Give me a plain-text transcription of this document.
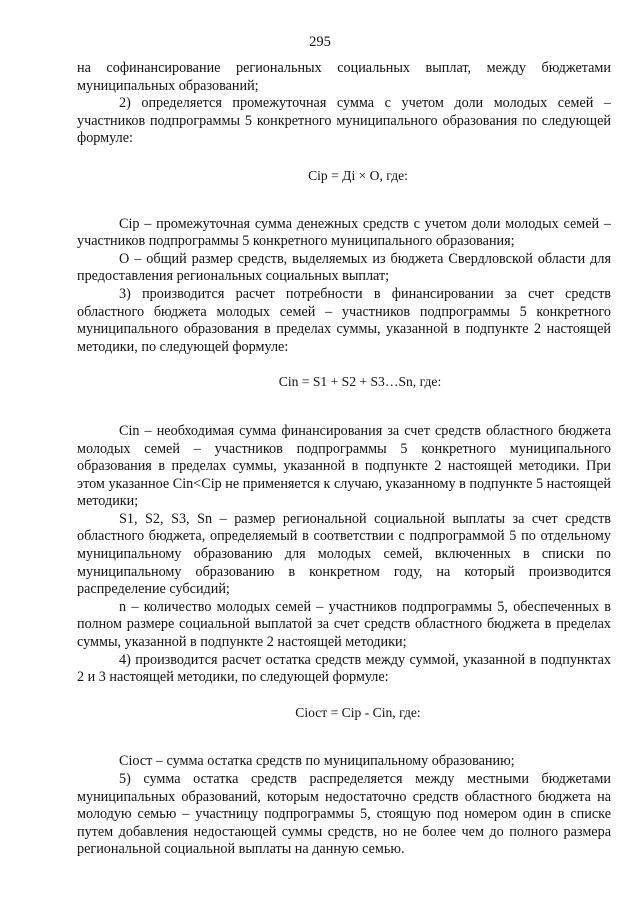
295

на софинансирование региональных социальных выплат, между бюджетами муниципальных образований;

2) определяется промежуточная сумма с учетом доли молодых семей – участников подпрограммы 5 конкретного муниципального образования по следующей формуле:

Сiр = Дi × О, где:

Сiр – промежуточная сумма денежных средств с учетом доли молодых семей – участников подпрограммы 5 конкретного муниципального образования;

О – общий размер средств, выделяемых из бюджета Свердловской области для предоставления региональных социальных выплат;

3) производится расчет потребности в финансировании за счет средств областного бюджета молодых семей – участников подпрограммы 5 конкретного муниципального образования в пределах суммы, указанной в подпункте 2 настоящей методики, по следующей формуле:

Сin = S1 + S2 + S3…Sn, где:

Сin – необходимая сумма финансирования за счет средств областного бюджета молодых семей – участников подпрограммы 5 конкретного муниципального образования в пределах суммы, указанной в подпункте 2 настоящей методики. При этом указанное Сin<Сiр не применяется к случаю, указанному в подпункте 5 настоящей методики;

S1, S2, S3, Sn – размер региональной социальной выплаты за счет средств областного бюджета, определяемый в соответствии с подпрограммой 5 по отдельному муниципальному образованию для молодых семей, включенных в списки по муниципальному образованию в конкретном году, на который производится распределение субсидий;

n – количество молодых семей – участников подпрограммы 5, обеспеченных в полном размере социальной выплатой за счет средств областного бюджета в пределах суммы, указанной в подпункте 2 настоящей методики;

4) производится расчет остатка средств между суммой, указанной в подпунктах 2 и 3 настоящей методики, по следующей формуле:

Сiост = Сiр - Сin, где:

Сiост – сумма остатка средств по муниципальному образованию;

5) сумма остатка средств распределяется между местными бюджетами муниципальных образований, которым недостаточно средств областного бюджета на молодую семью – участницу подпрограммы 5, стоящую под номером один в списке путем добавления недостающей суммы средств, но не более чем до полного размера региональной социальной выплаты на данную семью.
